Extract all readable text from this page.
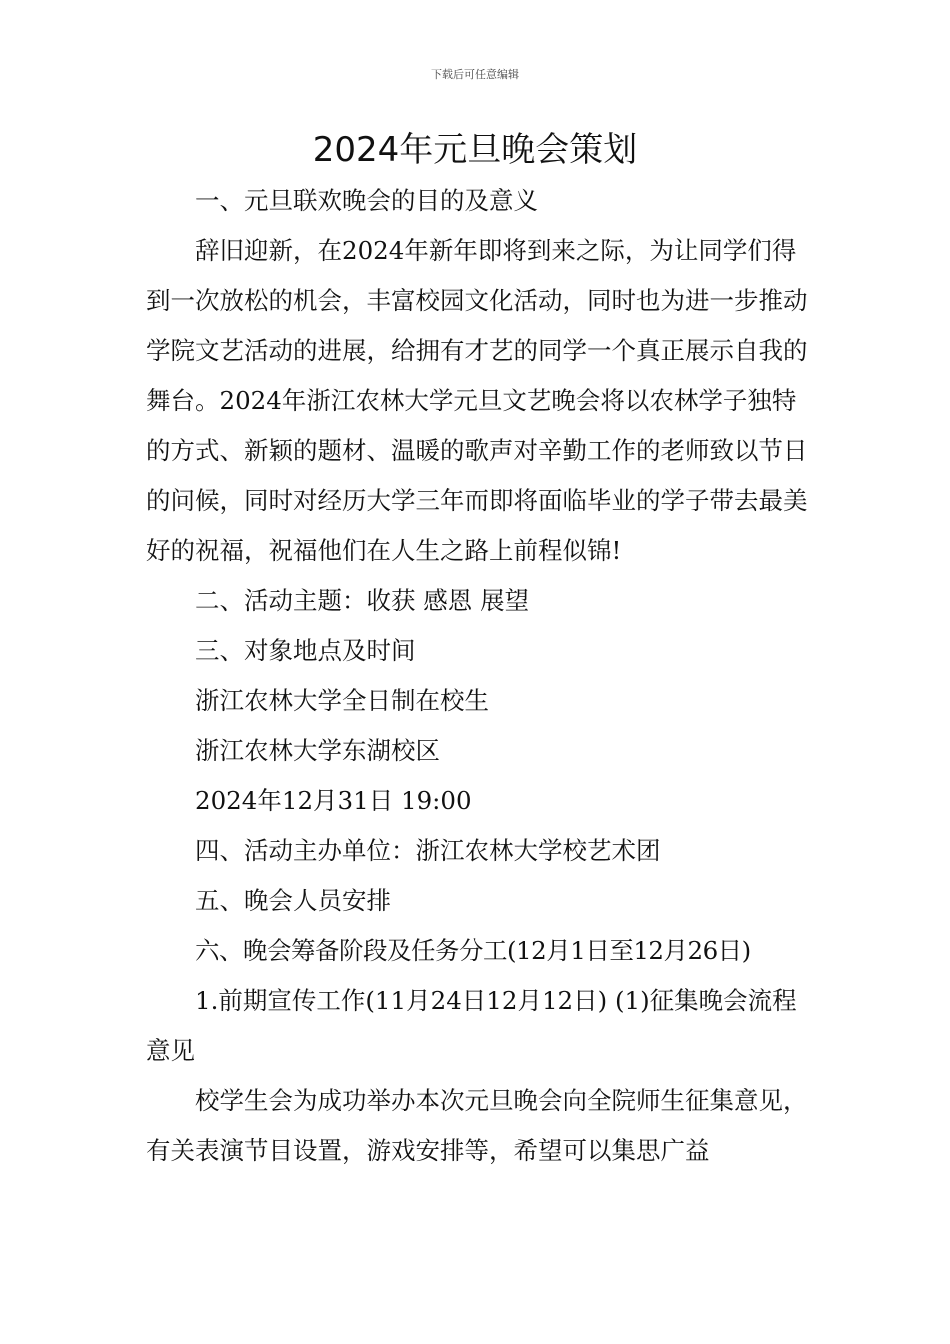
下载后可任意编辑
2024年元旦晚会策划

一、元旦联欢晚会的目的及意义

辞旧迎新，在2024年新年即将到来之际，为让同学们得到一次放松的机会，丰富校园文化活动，同时也为进一步推动学院文艺活动的进展，给拥有才艺的同学一个真正展示自我的舞台。2024年浙江农林大学元旦文艺晚会将以农林学子独特的方式、新颖的题材、温暖的歌声对辛勤工作的老师致以节日的问候，同时对经历大学三年而即将面临毕业的学子带去最美好的祝福，祝福他们在人生之路上前程似锦!

二、活动主题：收获 感恩 展望

三、对象地点及时间

浙江农林大学全日制在校生

浙江农林大学东湖校区

2024年12月31日 19:00

四、活动主办单位：浙江农林大学校艺术团

五、晚会人员安排

六、晚会筹备阶段及任务分工(12月1日至12月26日)

1.前期宣传工作(11月24日12月12日) (1)征集晚会流程意见

校学生会为成功举办本次元旦晚会向全院师生征集意见，有关表演节目设置，游戏安排等，希望可以集思广益
